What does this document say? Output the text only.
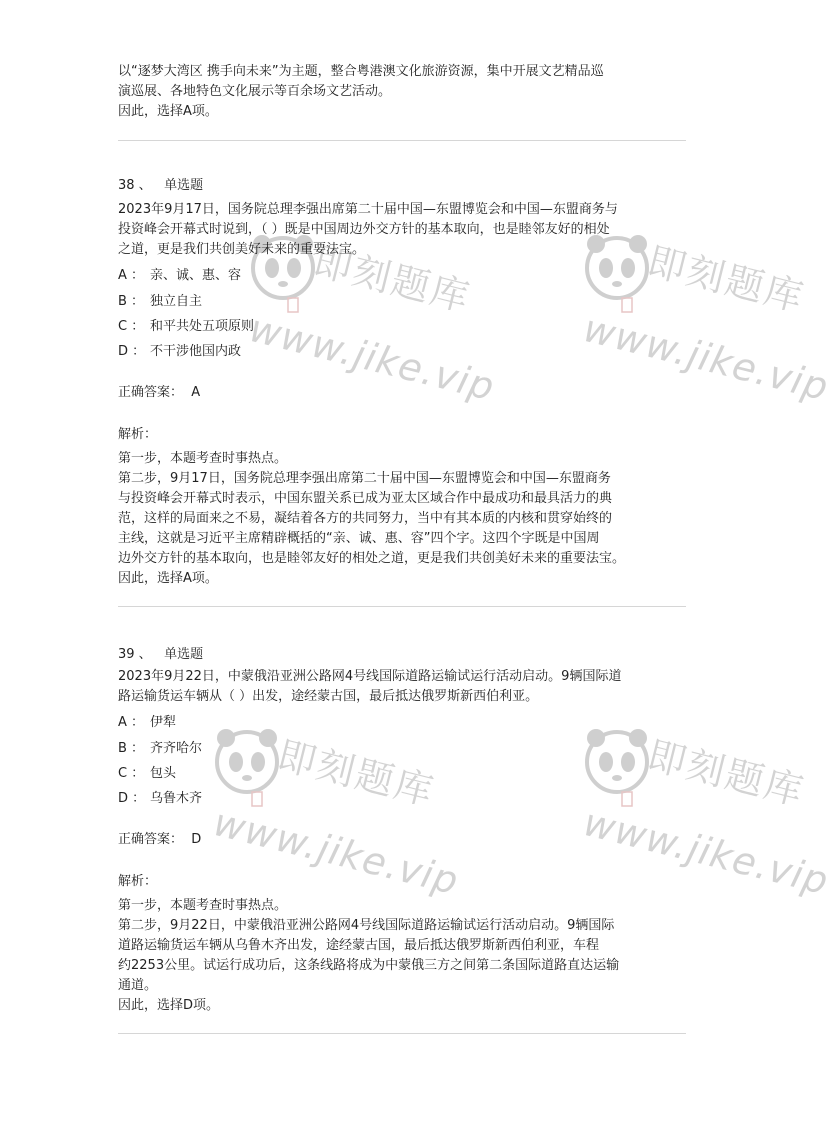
即刻题库
www.jike.vip
即刻题库
www.jike.vip
即刻题库
www.jike.vip
即刻题库
www.jike.vip

以“逐梦大湾区 携手向未来”为主题，整合粤港澳文化旅游资源，集中开展文艺精品巡

演巡展、各地特色文化展示等百余场文艺活动。

因此，选择A项。

38 、 单选题

2023年9月17日，国务院总理李强出席第二十届中国—东盟博览会和中国—东盟商务与

投资峰会开幕式时说到，（ ）既是中国周边外交方针的基本取向，也是睦邻友好的相处

之道，更是我们共创美好未来的重要法宝。

A ： 亲、诚、惠、容
B ： 独立自主
C ： 和平共处五项原则
D ： 不干涉他国内政
正确答案： A
解析：

第一步，本题考查时事热点。

第二步，9月17日，国务院总理李强出席第二十届中国—东盟博览会和中国—东盟商务

与投资峰会开幕式时表示，中国东盟关系已成为亚太区域合作中最成功和最具活力的典

范，这样的局面来之不易，凝结着各方的共同努力，当中有其本质的内核和贯穿始终的

主线，这就是习近平主席精辟概括的“亲、诚、惠、容”四个字。这四个字既是中国周

边外交方针的基本取向，也是睦邻友好的相处之道，更是我们共创美好未来的重要法宝。

因此，选择A项。

39 、 单选题

2023年9月22日，中蒙俄沿亚洲公路网4号线国际道路运输试运行活动启动。9辆国际道

路运输货运车辆从（ ）出发，途经蒙古国，最后抵达俄罗斯新西伯利亚。

A ： 伊犁
B ： 齐齐哈尔
C ： 包头
D ： 乌鲁木齐
正确答案： D
解析：

第一步，本题考查时事热点。

第二步，9月22日，中蒙俄沿亚洲公路网4号线国际道路运输试运行活动启动。9辆国际

道路运输货运车辆从乌鲁木齐出发，途经蒙古国，最后抵达俄罗斯新西伯利亚，车程

约2253公里。试运行成功后，这条线路将成为中蒙俄三方之间第二条国际道路直达运输

通道。

因此，选择D项。
